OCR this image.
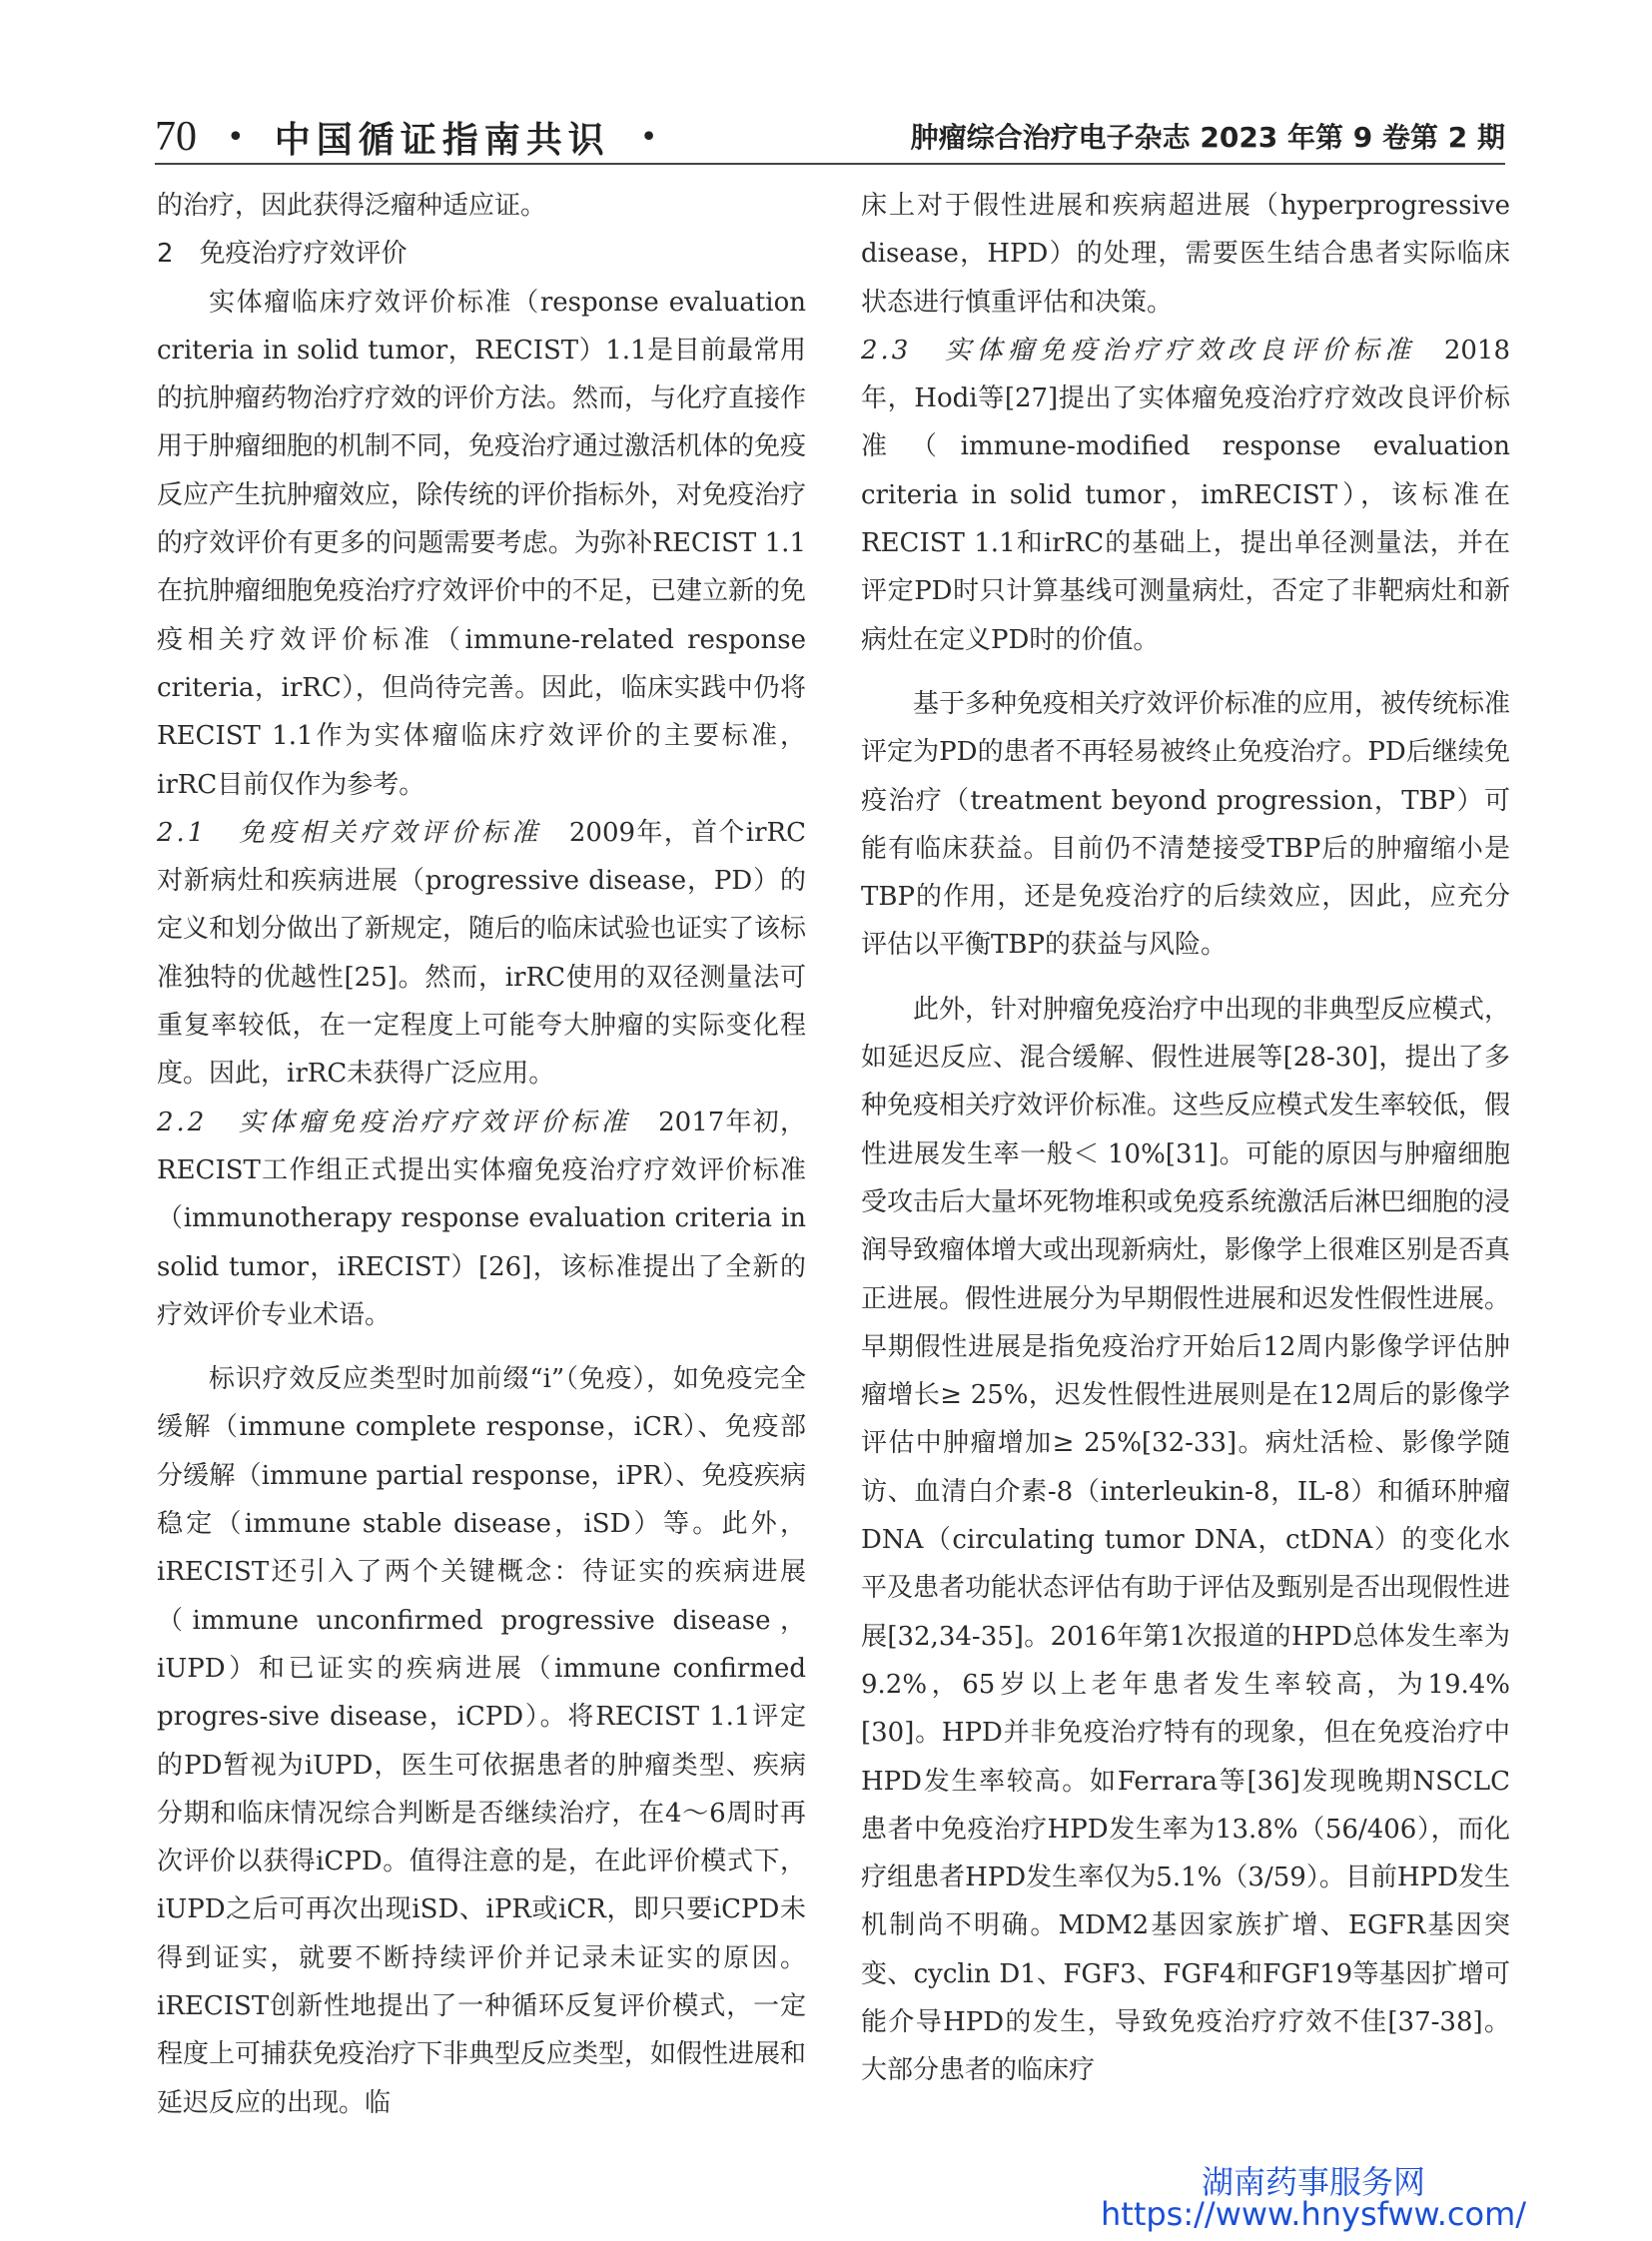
70 • 中国循证指南共识 •	肿瘤综合治疗电子杂志 2023 年第 9 卷第 2 期

的治疗，因此获得泛瘤种适应证。

2　免疫治疗疗效评价

实体瘤临床疗效评价标准（response evaluation criteria in solid tumor，RECIST）1.1是目前最常用的抗肿瘤药物治疗疗效的评价方法。然而，与化疗直接作用于肿瘤细胞的机制不同，免疫治疗通过激活机体的免疫反应产生抗肿瘤效应，除传统的评价指标外，对免疫治疗的疗效评价有更多的问题需要考虑。为弥补RECIST 1.1在抗肿瘤细胞免疫治疗疗效评价中的不足，已建立新的免疫相关疗效评价标准（immune-related response criteria，irRC），但尚待完善。因此，临床实践中仍将RECIST 1.1作为实体瘤临床疗效评价的主要标准，irRC目前仅作为参考。

2.1　免疫相关疗效评价标准　2009年，首个irRC对新病灶和疾病进展（progressive disease，PD）的定义和划分做出了新规定，随后的临床试验也证实了该标准独特的优越性[25]。然而，irRC使用的双径测量法可重复率较低，在一定程度上可能夸大肿瘤的实际变化程度。因此，irRC未获得广泛应用。

2.2　实体瘤免疫治疗疗效评价标准　2017年初，RECIST工作组正式提出实体瘤免疫治疗疗效评价标准（immunotherapy response evaluation criteria in solid tumor，iRECIST）[26]，该标准提出了全新的疗效评价专业术语。

标识疗效反应类型时加前缀“i”（免疫），如免疫完全缓解（immune complete response，iCR）、免疫部分缓解（immune partial response，iPR）、免疫疾病稳定（immune stable disease，iSD）等。此外，iRECIST还引入了两个关键概念：待证实的疾病进展（immune unconfirmed progressive disease，iUPD）和已证实的疾病进展（immune confirmed progres-sive disease，iCPD）。将RECIST 1.1评定的PD暂视为iUPD，医生可依据患者的肿瘤类型、疾病分期和临床情况综合判断是否继续治疗，在4～6周时再次评价以获得iCPD。值得注意的是，在此评价模式下，iUPD之后可再次出现iSD、iPR或iCR，即只要iCPD未得到证实，就要不断持续评价并记录未证实的原因。iRECIST创新性地提出了一种循环反复评价模式，一定程度上可捕获免疫治疗下非典型反应类型，如假性进展和延迟反应的出现。临

床上对于假性进展和疾病超进展（hyperprogressive disease，HPD）的处理，需要医生结合患者实际临床状态进行慎重评估和决策。

2.3　实体瘤免疫治疗疗效改良评价标准　2018年，Hodi等[27]提出了实体瘤免疫治疗疗效改良评价标准（immune-modified response evaluation criteria in solid tumor，imRECIST），该标准在RECIST 1.1和irRC的基础上，提出单径测量法，并在评定PD时只计算基线可测量病灶，否定了非靶病灶和新病灶在定义PD时的价值。

基于多种免疫相关疗效评价标准的应用，被传统标准评定为PD的患者不再轻易被终止免疫治疗。PD后继续免疫治疗（treatment beyond progression，TBP）可能有临床获益。目前仍不清楚接受TBP后的肿瘤缩小是TBP的作用，还是免疫治疗的后续效应，因此，应充分评估以平衡TBP的获益与风险。

此外，针对肿瘤免疫治疗中出现的非典型反应模式，如延迟反应、混合缓解、假性进展等[28-30]，提出了多种免疫相关疗效评价标准。这些反应模式发生率较低，假性进展发生率一般＜ 10%[31]。可能的原因与肿瘤细胞受攻击后大量坏死物堆积或免疫系统激活后淋巴细胞的浸润导致瘤体增大或出现新病灶，影像学上很难区别是否真正进展。假性进展分为早期假性进展和迟发性假性进展。早期假性进展是指免疫治疗开始后12周内影像学评估肿瘤增长≥ 25%，迟发性假性进展则是在12周后的影像学评估中肿瘤增加≥ 25%[32-33]。病灶活检、影像学随访、血清白介素-8（interleukin-8，IL-8）和循环肿瘤DNA（circulating tumor DNA，ctDNA）的变化水平及患者功能状态评估有助于评估及甄别是否出现假性进展[32,34-35]。2016年第1次报道的HPD总体发生率为9.2%，65岁以上老年患者发生率较高，为19.4%[30]。HPD并非免疫治疗特有的现象，但在免疫治疗中HPD发生率较高。如Ferrara等[36]发现晚期NSCLC患者中免疫治疗HPD发生率为13.8%（56/406），而化疗组患者HPD发生率仅为5.1%（3/59）。目前HPD发生机制尚不明确。MDM2基因家族扩增、EGFR基因突变、cyclin D1、FGF3、FGF4和FGF19等基因扩增可能介导HPD的发生，导致免疫治疗疗效不佳[37-38]。大部分患者的临床疗

湖南药事服务网
https://www.hnysfww.com/
